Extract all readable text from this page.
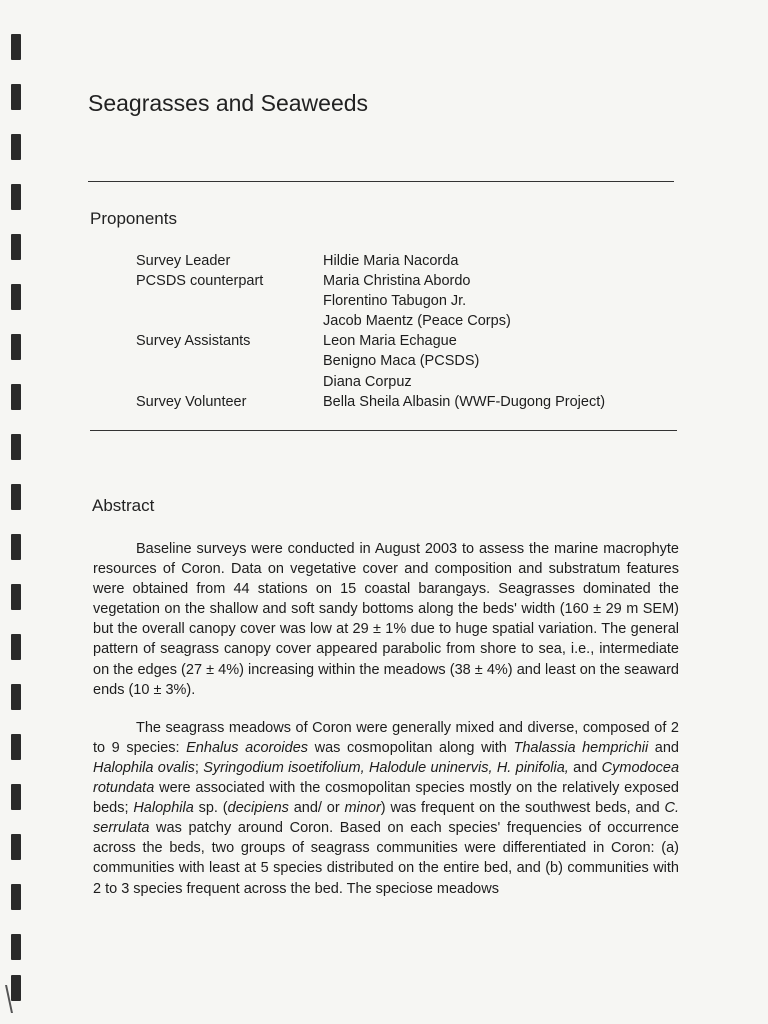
Seagrasses and Seaweeds
Proponents
Survey Leader	Hildie Maria Nacorda
PCSDS counterpart	Maria Christina Abordo
Florentino Tabugon Jr.
Jacob Maentz (Peace Corps)
Survey Assistants	Leon Maria Echague
Benigno Maca (PCSDS)
Diana Corpuz
Survey Volunteer	Bella Sheila Albasin (WWF-Dugong Project)
Abstract

Baseline surveys were conducted in August 2003 to assess the marine macrophyte resources of Coron. Data on vegetative cover and composition and substratum features were obtained from 44 stations on 15 coastal barangays. Seagrasses dominated the vegetation on the shallow and soft sandy bottoms along the beds' width (160 ± 29 m SEM) but the overall canopy cover was low at 29 ± 1% due to huge spatial variation. The general pattern of seagrass canopy cover appeared parabolic from shore to sea, i.e., intermediate on the edges (27 ± 4%) increasing within the meadows (38 ± 4%) and least on the seaward ends (10 ± 3%).

The seagrass meadows of Coron were generally mixed and diverse, composed of 2 to 9 species: Enhalus acoroides was cosmopolitan along with Thalassia hemprichii and Halophila ovalis; Syringodium isoetifolium, Halodule uninervis, H. pinifolia, and Cymodocea rotundata were associated with the cosmopolitan species mostly on the relatively exposed beds; Halophila sp. (decipiens and/ or minor) was frequent on the southwest beds, and C. serrulata was patchy around Coron. Based on each species' frequencies of occurrence across the beds, two groups of seagrass communities were differentiated in Coron: (a) communities with least at 5 species distributed on the entire bed, and (b) communities with 2 to 3 species frequent across the bed. The speciose meadows
